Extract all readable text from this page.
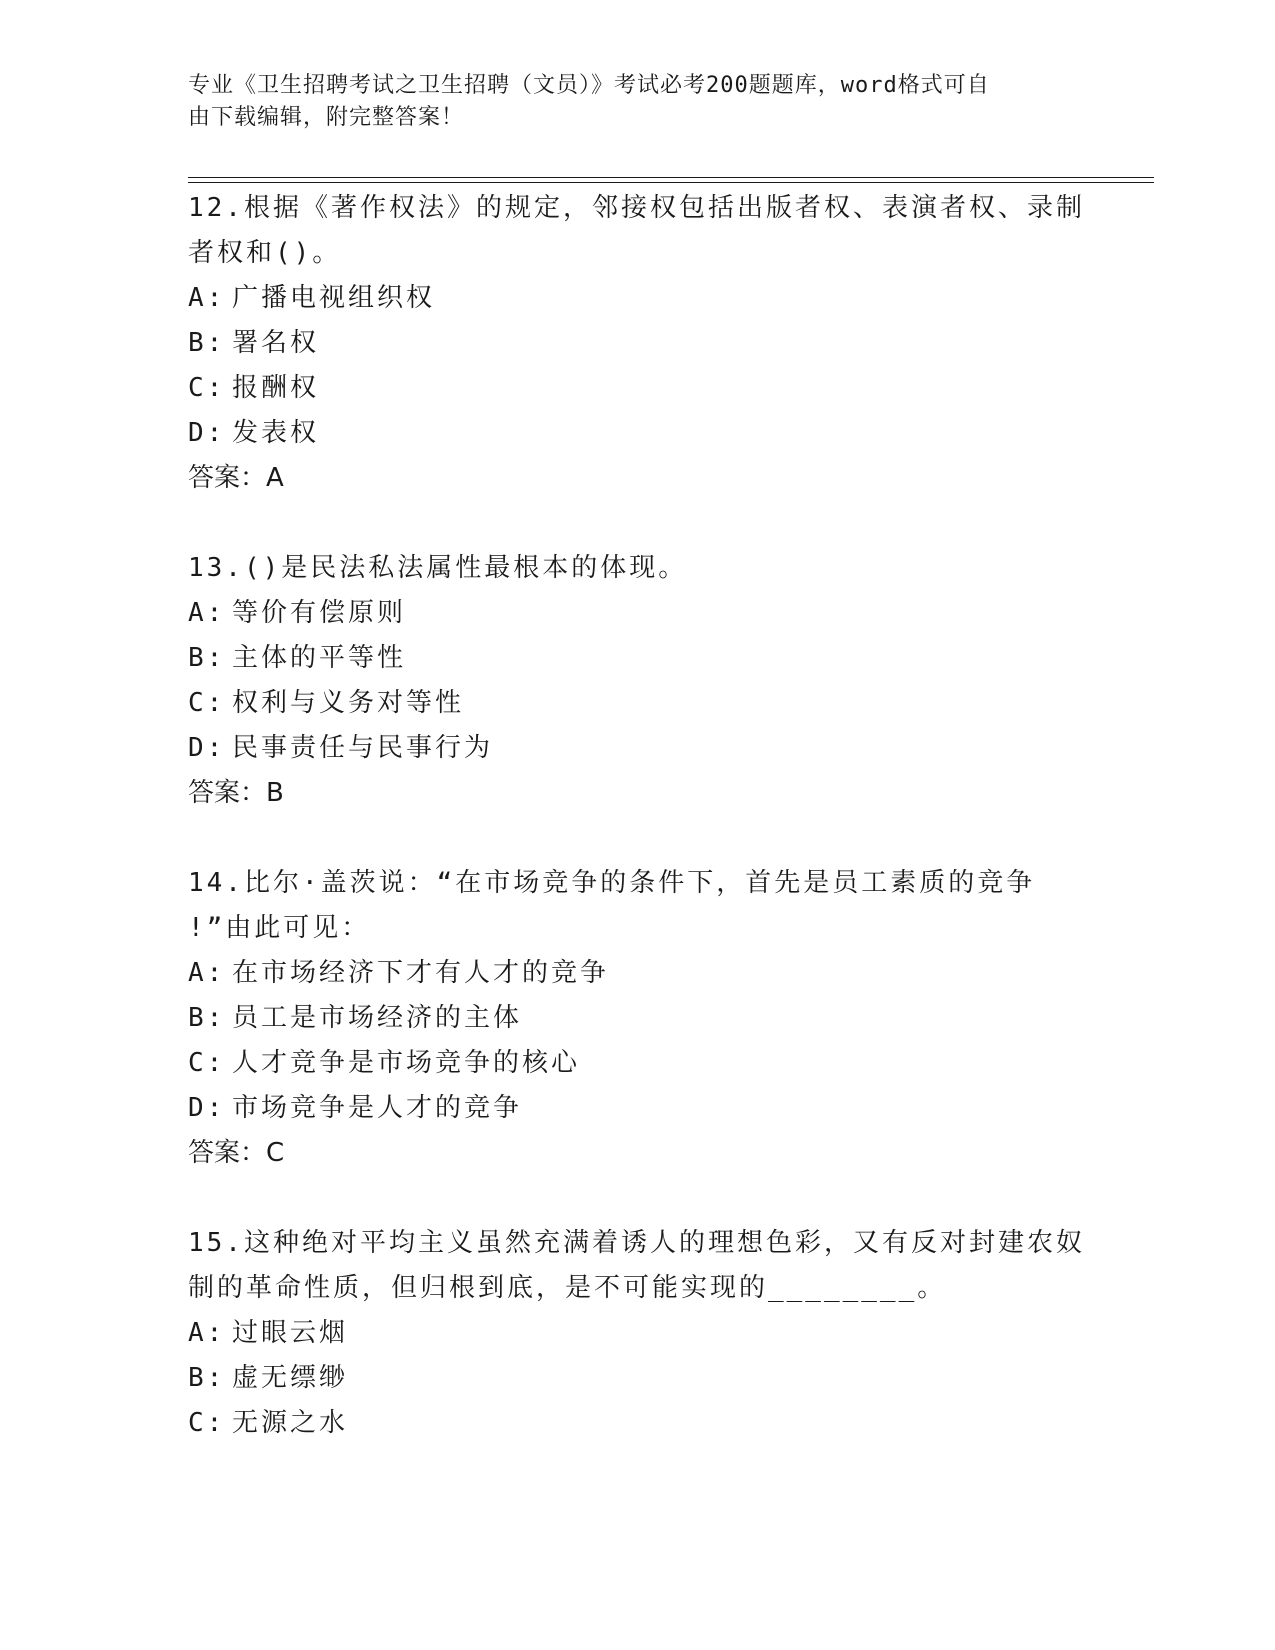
专业《卫生招聘考试之卫生招聘（文员）》考试必考200题题库，word格式可自
由下载编辑，附完整答案！

12.根据《著作权法》的规定，邻接权包括出版者权、表演者权、录制
者权和()。

A: 广播电视组织权

B: 署名权

C: 报酬权

D: 发表权

答案：A

13.()是民法私法属性最根本的体现。

A: 等价有偿原则

B: 主体的平等性

C: 权利与义务对等性

D: 民事责任与民事行为

答案：B

14.比尔·盖茨说：“在市场竞争的条件下，首先是员工素质的竞争
!”由此可见：

A: 在市场经济下才有人才的竞争

B: 员工是市场经济的主体

C: 人才竞争是市场竞争的核心

D: 市场竞争是人才的竞争

答案：C

15.这种绝对平均主义虽然充满着诱人的理想色彩，又有反对封建农奴
制的革命性质，但归根到底，是不可能实现的________。

A: 过眼云烟

B: 虚无缥缈

C: 无源之水
